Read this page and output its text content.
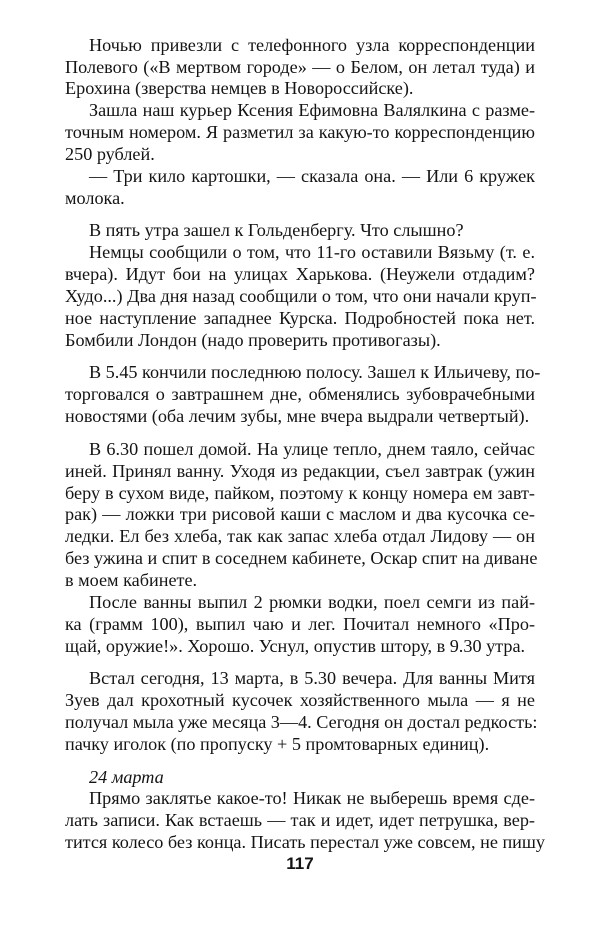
Ночью привезли с телефонного узла корреспонденции
Полевого («В мертвом городе» — о Белом, он летал туда) и
Ерохина (зверства немцев в Новороссийске).
Зашла наш курьер Ксения Ефимовна Валялкина с разме-
точным номером. Я разметил за какую-то корреспонденцию
250 рублей.
— Три кило картошки, — сказала она. — Или 6 кружек
молока.
В пять утра зашел к Гольденбергу. Что слышно?
Немцы сообщили о том, что 11-го оставили Вязьму (т. е.
вчера). Идут бои на улицах Харькова. (Неужели отдадим?
Худо...) Два дня назад сообщили о том, что они начали круп-
ное наступление западнее Курска. Подробностей пока нет.
Бомбили Лондон (надо проверить противогазы).
В 5.45 кончили последнюю полосу. Зашел к Ильичеву, по-
торговался о завтрашнем дне, обменялись зубоврачебными
новостями (оба лечим зубы, мне вчера выдрали четвертый).
В 6.30 пошел домой. На улице тепло, днем таяло, сейчас
иней. Принял ванну. Уходя из редакции, съел завтрак (ужин
беру в сухом виде, пайком, поэтому к концу номера ем завт-
рак) — ложки три рисовой каши с маслом и два кусочка се-
ледки. Ел без хлеба, так как запас хлеба отдал Лидову — он
без ужина и спит в соседнем кабинете, Оскар спит на диване
в моем кабинете.
После ванны выпил 2 рюмки водки, поел семги из пай-
ка (грамм 100), выпил чаю и лег. Почитал немного «Про-
щай, оружие!». Хорошо. Уснул, опустив штору, в 9.30 утра.
Встал сегодня, 13 марта, в 5.30 вечера. Для ванны Митя
Зуев дал крохотный кусочек хозяйственного мыла — я не
получал мыла уже месяца 3—4. Сегодня он достал редкость:
пачку иголок (по пропуску + 5 промтоварных единиц).
24 марта
Прямо заклятье какое-то! Никак не выберешь время сде-
лать записи. Как встаешь — так и идет, идет петрушка, вер-
тится колесо без конца. Писать перестал уже совсем, не пишу
117
